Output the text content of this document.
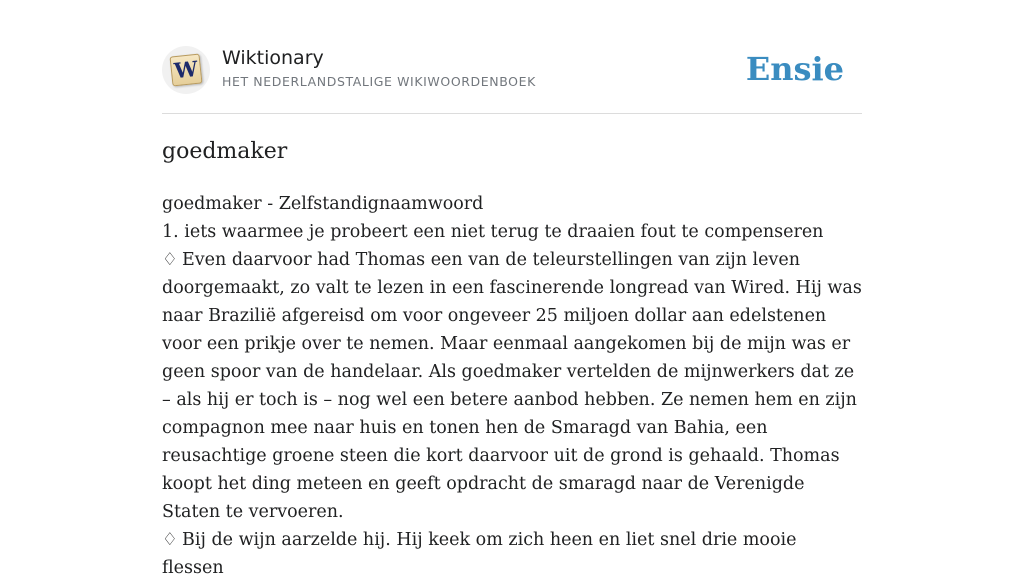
W Wiktionary
HET NEDERLANDSTALIGE WIKIWOORDENBOEK	Ensie
goedmaker

goedmaker - Zelfstandignaamwoord

1. iets waarmee je probeert een niet terug te draaien fout te compenseren

♢ Even daarvoor had Thomas een van de teleurstellingen van zijn leven doorgemaakt, zo valt te lezen in een fascinerende longread van Wired. Hij was naar Brazilië afgereisd om voor ongeveer 25 miljoen dollar aan edelstenen voor een prikje over te nemen. Maar eenmaal aangekomen bij de mijn was er geen spoor van de handelaar. Als goedmaker vertelden de mijnwerkers dat ze – als hij er toch is – nog wel een betere aanbod hebben. Ze nemen hem en zijn compagnon mee naar huis en tonen hen de Smaragd van Bahia, een reusachtige groene steen die kort daarvoor uit de grond is gehaald. Thomas koopt het ding meteen en geeft opdracht de smaragd naar de Verenigde Staten te vervoeren.

♢ Bij de wijn aarzelde hij. Hij keek om zich heen en liet snel drie mooie flessen
